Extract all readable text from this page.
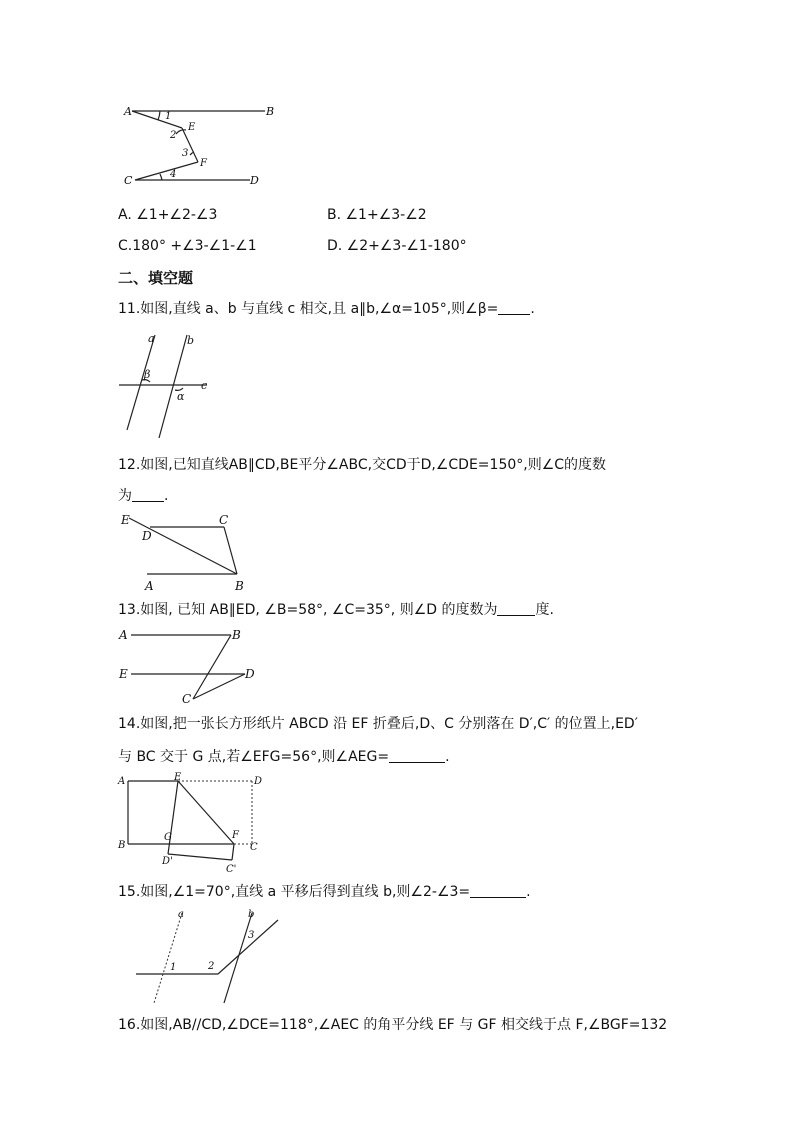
A	B
C	D
E
F
1
2
3
4
A. ∠1+∠2-∠3	B. ∠1+∠3-∠2
C.180° +∠3-∠1-∠1	D. ∠2+∠3-∠1-180°
二、填空题
11.如图,直线 a、b 与直线 c 相交,且 a∥b,∠α=105°,则∠β= .
a	b
c
β
α
12.如图,已知直线AB∥CD,BE平分∠ABC,交CD于D,∠CDE=150°,则∠C的度数
为 .
E	C
D
A	B
13.如图, 已知 AB∥ED, ∠B=58°, ∠C=35°, 则∠D 的度数为	度.
A	B
E	D
C
14.如图,把一张长方形纸片 ABCD 沿 EF 折叠后,D、C 分别落在 D′,C′ 的位置上,ED′
与 BC 交于 G 点,若∠EFG=56°,则∠AEG=	.
A	E	D
B
G	F
C
D'
C'
15.如图,∠1=70°,直线 a 平移后得到直线 b,则∠2-∠3=	.
a	b
1	2
3
16.如图,AB//CD,∠DCE=118°,∠AEC 的角平分线 EF 与 GF 相交线于点 F,∠BGF=132
